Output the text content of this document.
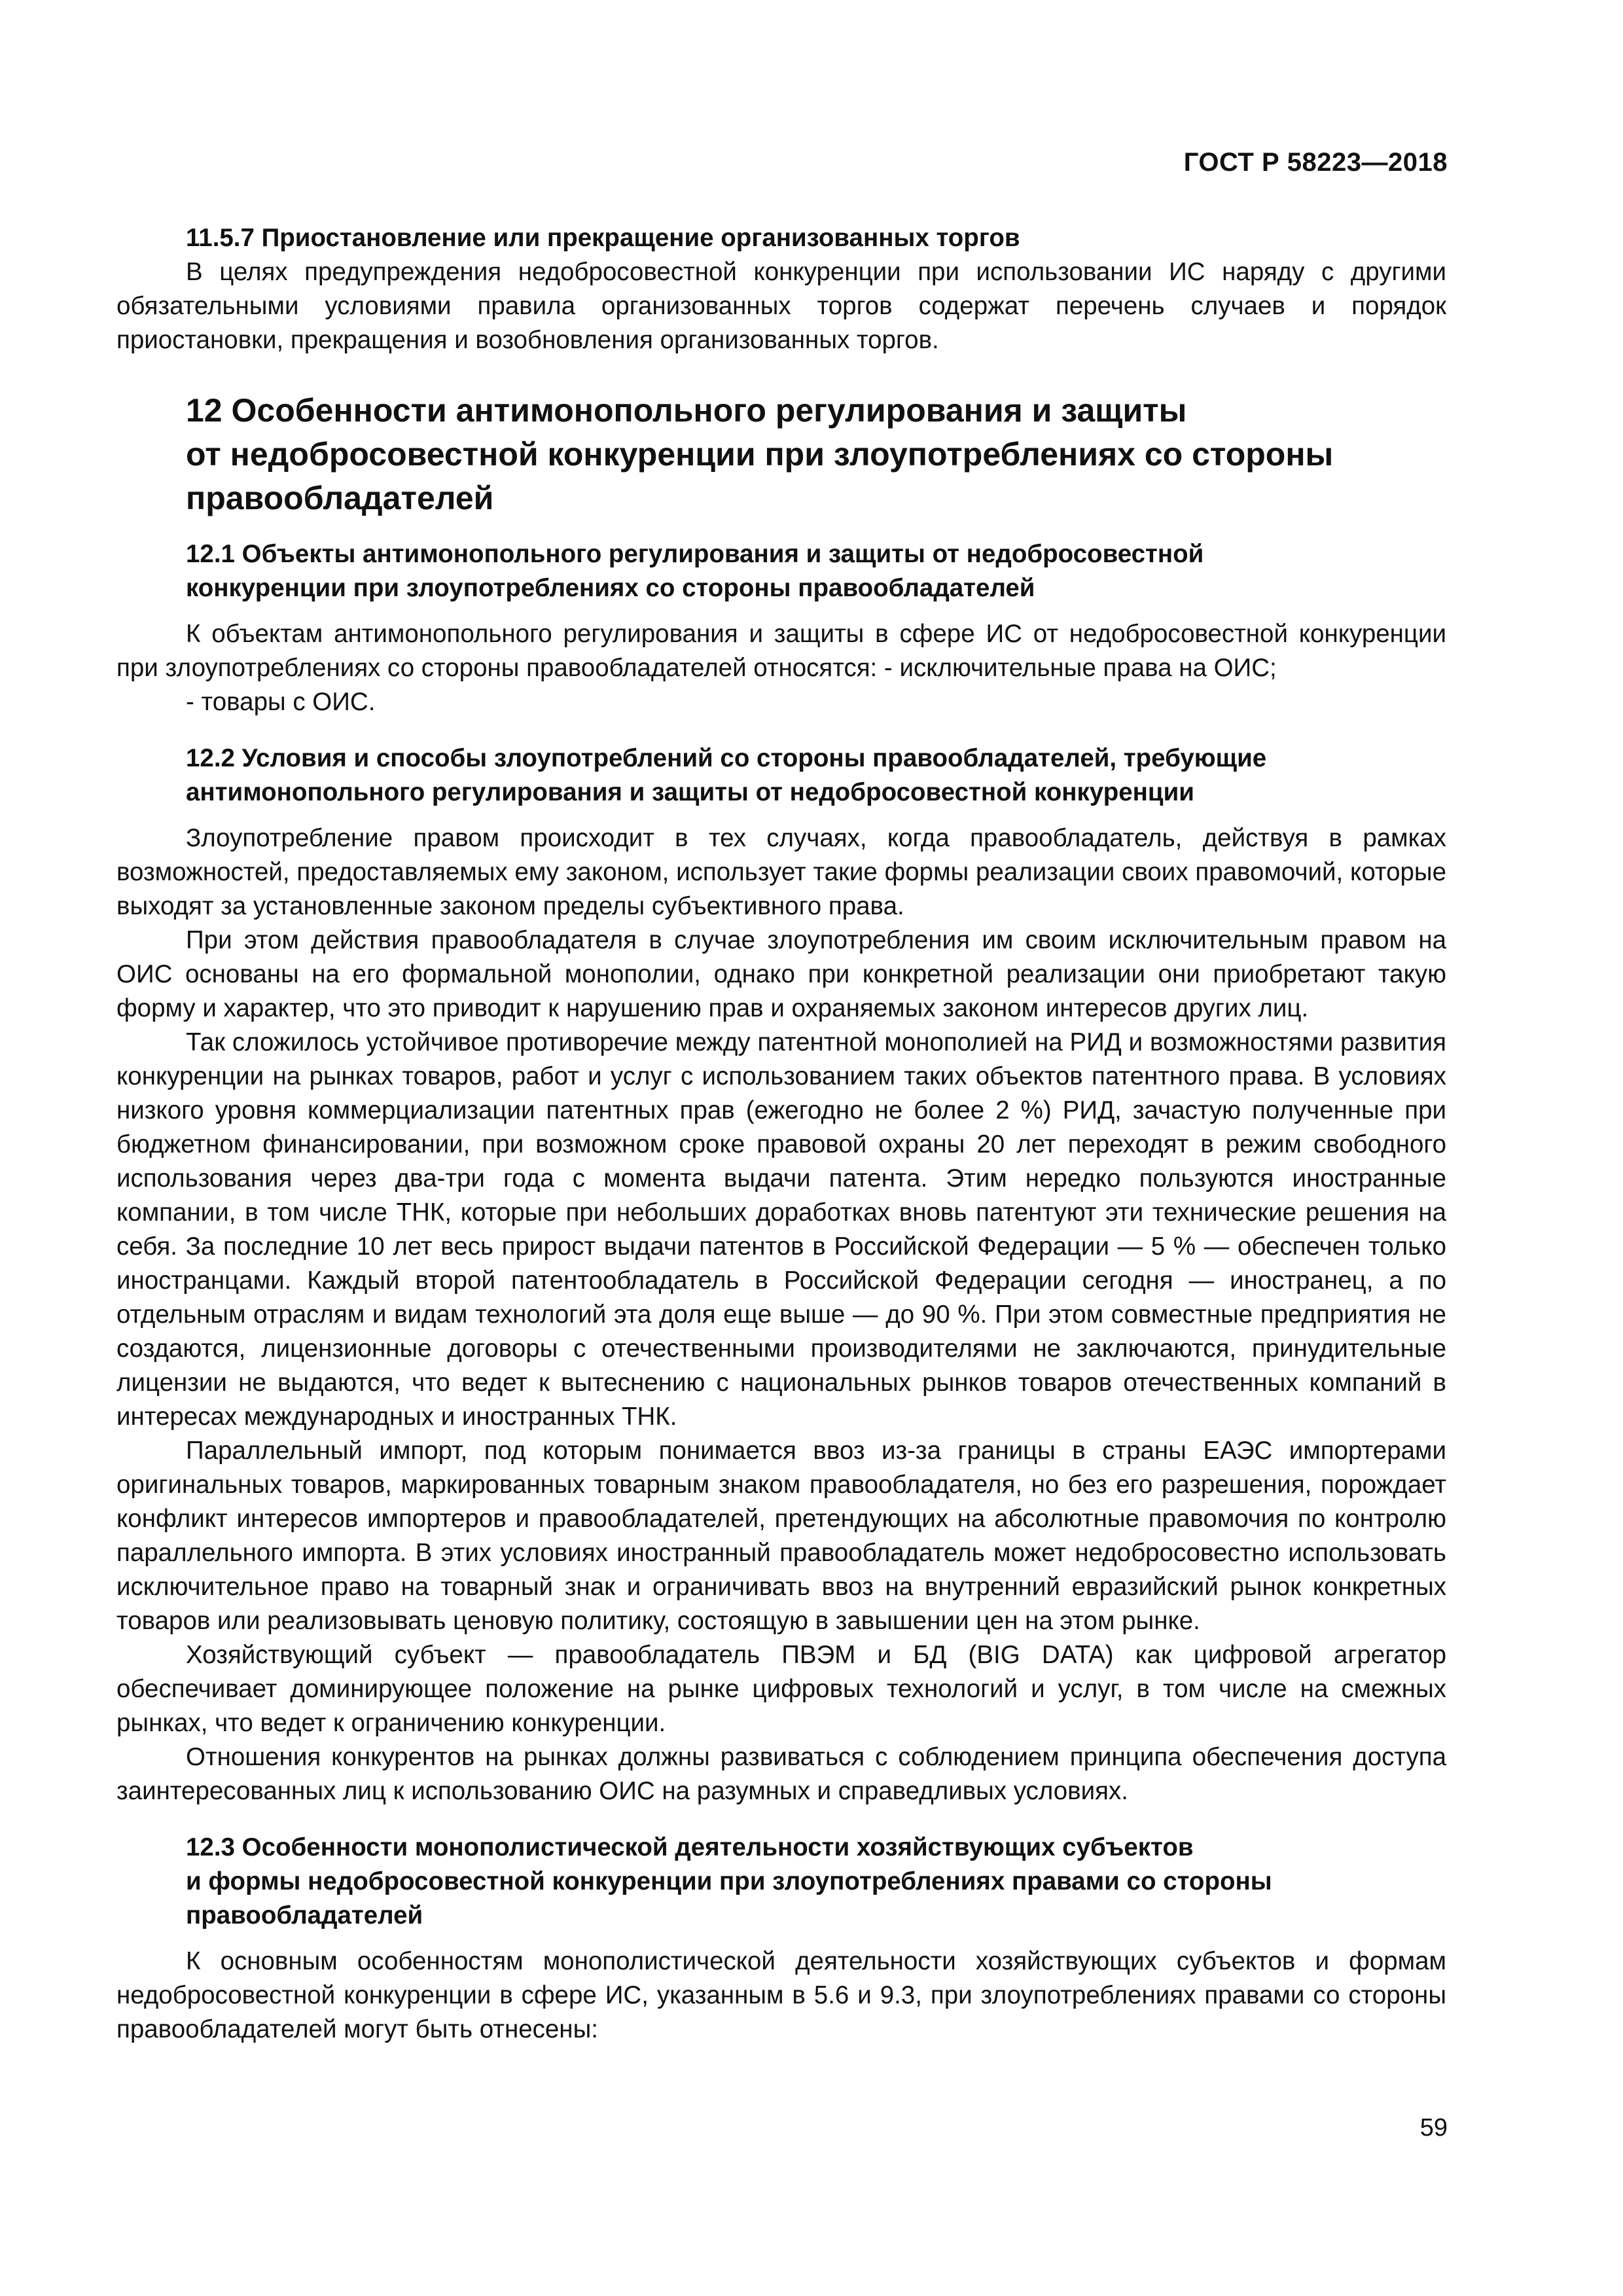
ГОСТ Р 58223—2018

11.5.7 Приостановление или прекращение организованных торгов

В целях предупреждения недобросовестной конкуренции при использовании ИС наряду с другими обязательными условиями правила организованных торгов содержат перечень случаев и порядок приостановки, прекращения и возобновления организованных торгов.

12 Особенности антимонопольного регулирования и защиты

от недобросовестной конкуренции при злоупотреблениях со стороны

правообладателей

12.1 Объекты антимонопольного регулирования и защиты от недобросовестной

конкуренции при злоупотреблениях со стороны правообладателей

К объектам антимонопольного регулирования и защиты в сфере ИС от недобросовестной конкуренции при злоупотреблениях со стороны правообладателей относятся: - исключительные права на ОИС;

- товары с ОИС.

12.2 Условия и способы злоупотреблений со стороны правообладателей, требующие

антимонопольного регулирования и защиты от недобросовестной конкуренции

Злоупотребление правом происходит в тех случаях, когда правообладатель, действуя в рамках возможностей, предоставляемых ему законом, использует такие формы реализации своих правомочий, которые выходят за установленные законом пределы субъективного права.

При этом действия правообладателя в случае злоупотребления им своим исключительным правом на ОИС основаны на его формальной монополии, однако при конкретной реализации они приобретают такую форму и характер, что это приводит к нарушению прав и охраняемых законом интересов других лиц.

Так сложилось устойчивое противоречие между патентной монополией на РИД и возможностями развития конкуренции на рынках товаров, работ и услуг с использованием таких объектов патентного права. В условиях низкого уровня коммерциализации патентных прав (ежегодно не более 2 %) РИД, зачастую полученные при бюджетном финансировании, при возможном сроке правовой охраны 20 лет переходят в режим свободного использования через два-три года с момента выдачи патента. Этим нередко пользуются иностранные компании, в том числе ТНК, которые при небольших доработках вновь патентуют эти технические решения на себя. За последние 10 лет весь прирост выдачи патентов в Российской Федерации — 5 % — обеспечен только иностранцами. Каждый второй патентообладатель в Российской Федерации сегодня — иностранец, а по отдельным отраслям и видам технологий эта доля еще выше — до 90 %. При этом совместные предприятия не создаются, лицензионные договоры с отечественными производителями не заключаются, принудительные лицензии не выдаются, что ведет к вытеснению с национальных рынков товаров отечественных компаний в интересах международных и иностранных ТНК.

Параллельный импорт, под которым понимается ввоз из-за границы в страны ЕАЭС импортерами оригинальных товаров, маркированных товарным знаком правообладателя, но без его разрешения, порождает конфликт интересов импортеров и правообладателей, претендующих на абсолютные правомочия по контролю параллельного импорта. В этих условиях иностранный правообладатель может недобросовестно использовать исключительное право на товарный знак и ограничивать ввоз на внутренний евразийский рынок конкретных товаров или реализовывать ценовую политику, состоящую в завышении цен на этом рынке.

Хозяйствующий субъект — правообладатель ПВЭМ и БД (BIG DATA) как цифровой агрегатор обеспечивает доминирующее положение на рынке цифровых технологий и услуг, в том числе на смежных рынках, что ведет к ограничению конкуренции.

Отношения конкурентов на рынках должны развиваться с соблюдением принципа обеспечения доступа заинтересованных лиц к использованию ОИС на разумных и справедливых условиях.

12.3 Особенности монополистической деятельности хозяйствующих субъектов

и формы недобросовестной конкуренции при злоупотреблениях правами со стороны

правообладателей

К основным особенностям монополистической деятельности хозяйствующих субъектов и формам недобросовестной конкуренции в сфере ИС, указанным в 5.6 и 9.3, при злоупотреблениях правами со стороны правообладателей могут быть отнесены:

59
